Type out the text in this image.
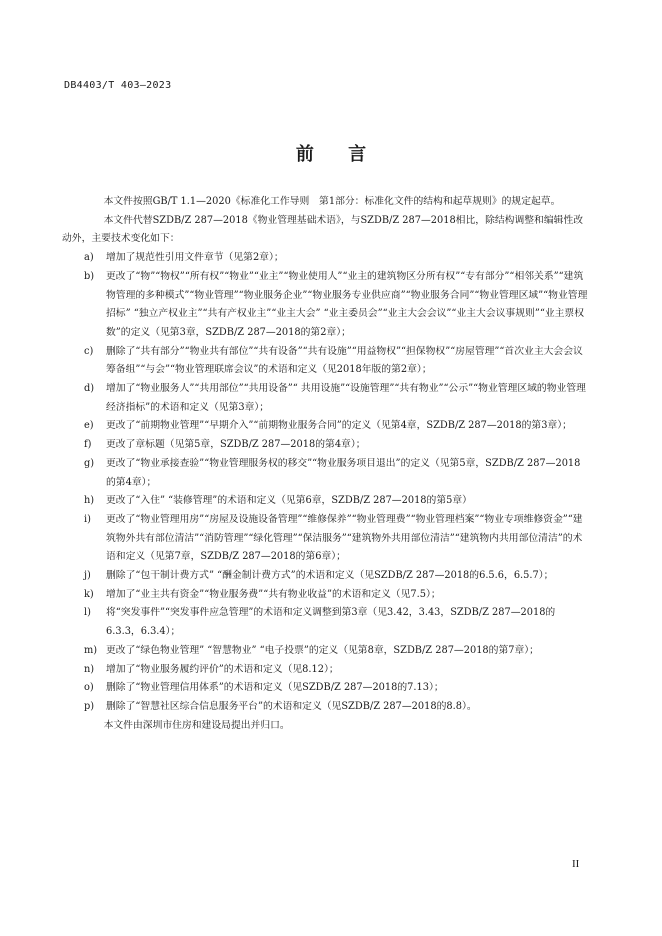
DB4403/T 403—2023
前 言

本文件按照GB/T 1.1—2020《标准化工作导则　第1部分：标准化文件的结构和起草规则》的规定起草。

本文件代替SZDB/Z 287—2018《物业管理基础术语》，与SZDB/Z 287—2018相比，除结构调整和编辑性改动外，主要技术变化如下：

a)	增加了规范性引用文件章节（见第2章）；
b)	更改了“物”“物权”“所有权”“物业”“业主”“物业使用人”“业主的建筑物区分所有权”“专有部分”“相邻关系”“建筑物管理的多种模式”“物业管理”“物业服务企业”“物业服务专业供应商”“物业服务合同”“物业管理区域”“物业管理招标” “独立产权业主”“共有产权业主”“业主大会” “业主委员会”“业主大会会议”“业主大会议事规则”“业主票权数”的定义（见第3章，SZDB/Z 287—2018的第2章）；
c)	删除了“共有部分”“物业共有部位”“共有设备”“共有设施”“用益物权”“担保物权”“房屋管理”“首次业主大会会议筹备组”“与会”“物业管理联席会议”的术语和定义（见2018年版的第2章）；
d)	增加了“物业服务人”“共用部位”“共用设备”“ 共用设施”“设施管理”“共有物业”“公示”“物业管理区域的物业管理经济指标”的术语和定义（见第3章）；
e)	更改了“前期物业管理”“早期介入”“前期物业服务合同”的定义（见第4章，SZDB/Z 287—2018的第3章）；
f)	更改了章标题（见第5章，SZDB/Z 287—2018的第4章）；
g)	更改了“物业承接查验”“物业管理服务权的移交”“物业服务项目退出”的定义（见第5章，SZDB/Z 287—2018的第4章）；
h)	更改了“入住” “装修管理”的术语和定义（见第6章，SZDB/Z 287—2018的第5章）
i)	更改了“物业管理用房”“房屋及设施设备管理”“维修保养”“物业管理费”“物业管理档案”“物业专项维修资金”“建筑物外共有部位清洁”“消防管理”“绿化管理”“保洁服务”“建筑物外共用部位清洁”“建筑物内共用部位清洁”的术语和定义（见第7章，SZDB/Z 287—2018的第6章）；
j)	删除了“包干制计费方式” “酬金制计费方式”的术语和定义（见SZDB/Z 287—2018的6.5.6，6.5.7）；
k)	增加了“业主共有资金”“物业服务费”“共有物业收益”的术语和定义（见7.5）；
l)	将“突发事件”“突发事件应急管理”的术语和定义调整到第3章（见3.42，3.43，SZDB/Z 287—2018的6.3.3，6.3.4）；
m) 更改了“绿色物业管理” “智慧物业” “电子投票”的定义（见第8章，SZDB/Z 287—2018的第7章）；
n)	增加了“物业服务履约评价”的术语和定义（见8.12）；
o)	删除了“物业管理信用体系”的术语和定义（见SZDB/Z 287—2018的7.13）；
p)	删除了“智慧社区综合信息服务平台”的术语和定义（见SZDB/Z 287—2018的8.8）。

本文件由深圳市住房和建设局提出并归口。

II
